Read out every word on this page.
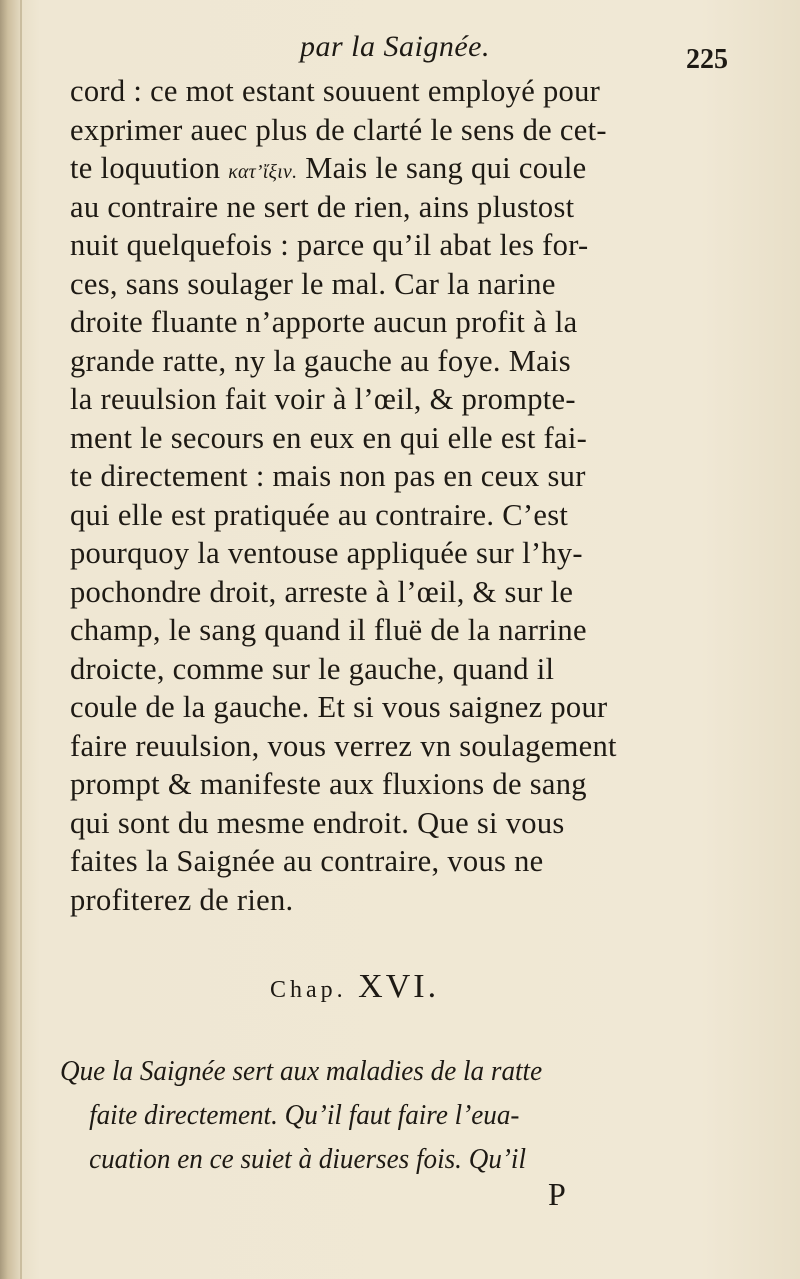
par la Saignée.	225
cord : ce mot estant souuent employé pour
exprimer auec plus de clarté le sens de cet-
te loquution κατ’ἴξιν. Mais le sang qui coule
au contraire ne sert de rien, ains plustost
nuit quelquefois : parce qu’il abat les for-
ces, sans soulager le mal. Car la narine
droite fluante n’apporte aucun profit à la
grande ratte, ny la gauche au foye. Mais
la reuulsion fait voir à l’œil, & prompte-
ment le secours en eux en qui elle est fai-
te directement : mais non pas en ceux sur
qui elle est pratiquée au contraire. C’est
pourquoy la ventouse appliquée sur l’hy-
pochondre droit, arreste à l’œil, & sur le
champ, le sang quand il fluë de la narrine
droicte, comme sur le gauche, quand il
coule de la gauche. Et si vous saignez pour
faire reuulsion, vous verrez vn soulagement
prompt & manifeste aux fluxions de sang
qui sont du mesme endroit. Que si vous
faites la Saignée au contraire, vous ne
profiterez de rien.
Chap. XVI.
Que la Saignée sert aux maladies de la ratte
faite directement. Qu’il faut faire l’eua-
cuation en ce suiet à diuerses fois. Qu’il
P
